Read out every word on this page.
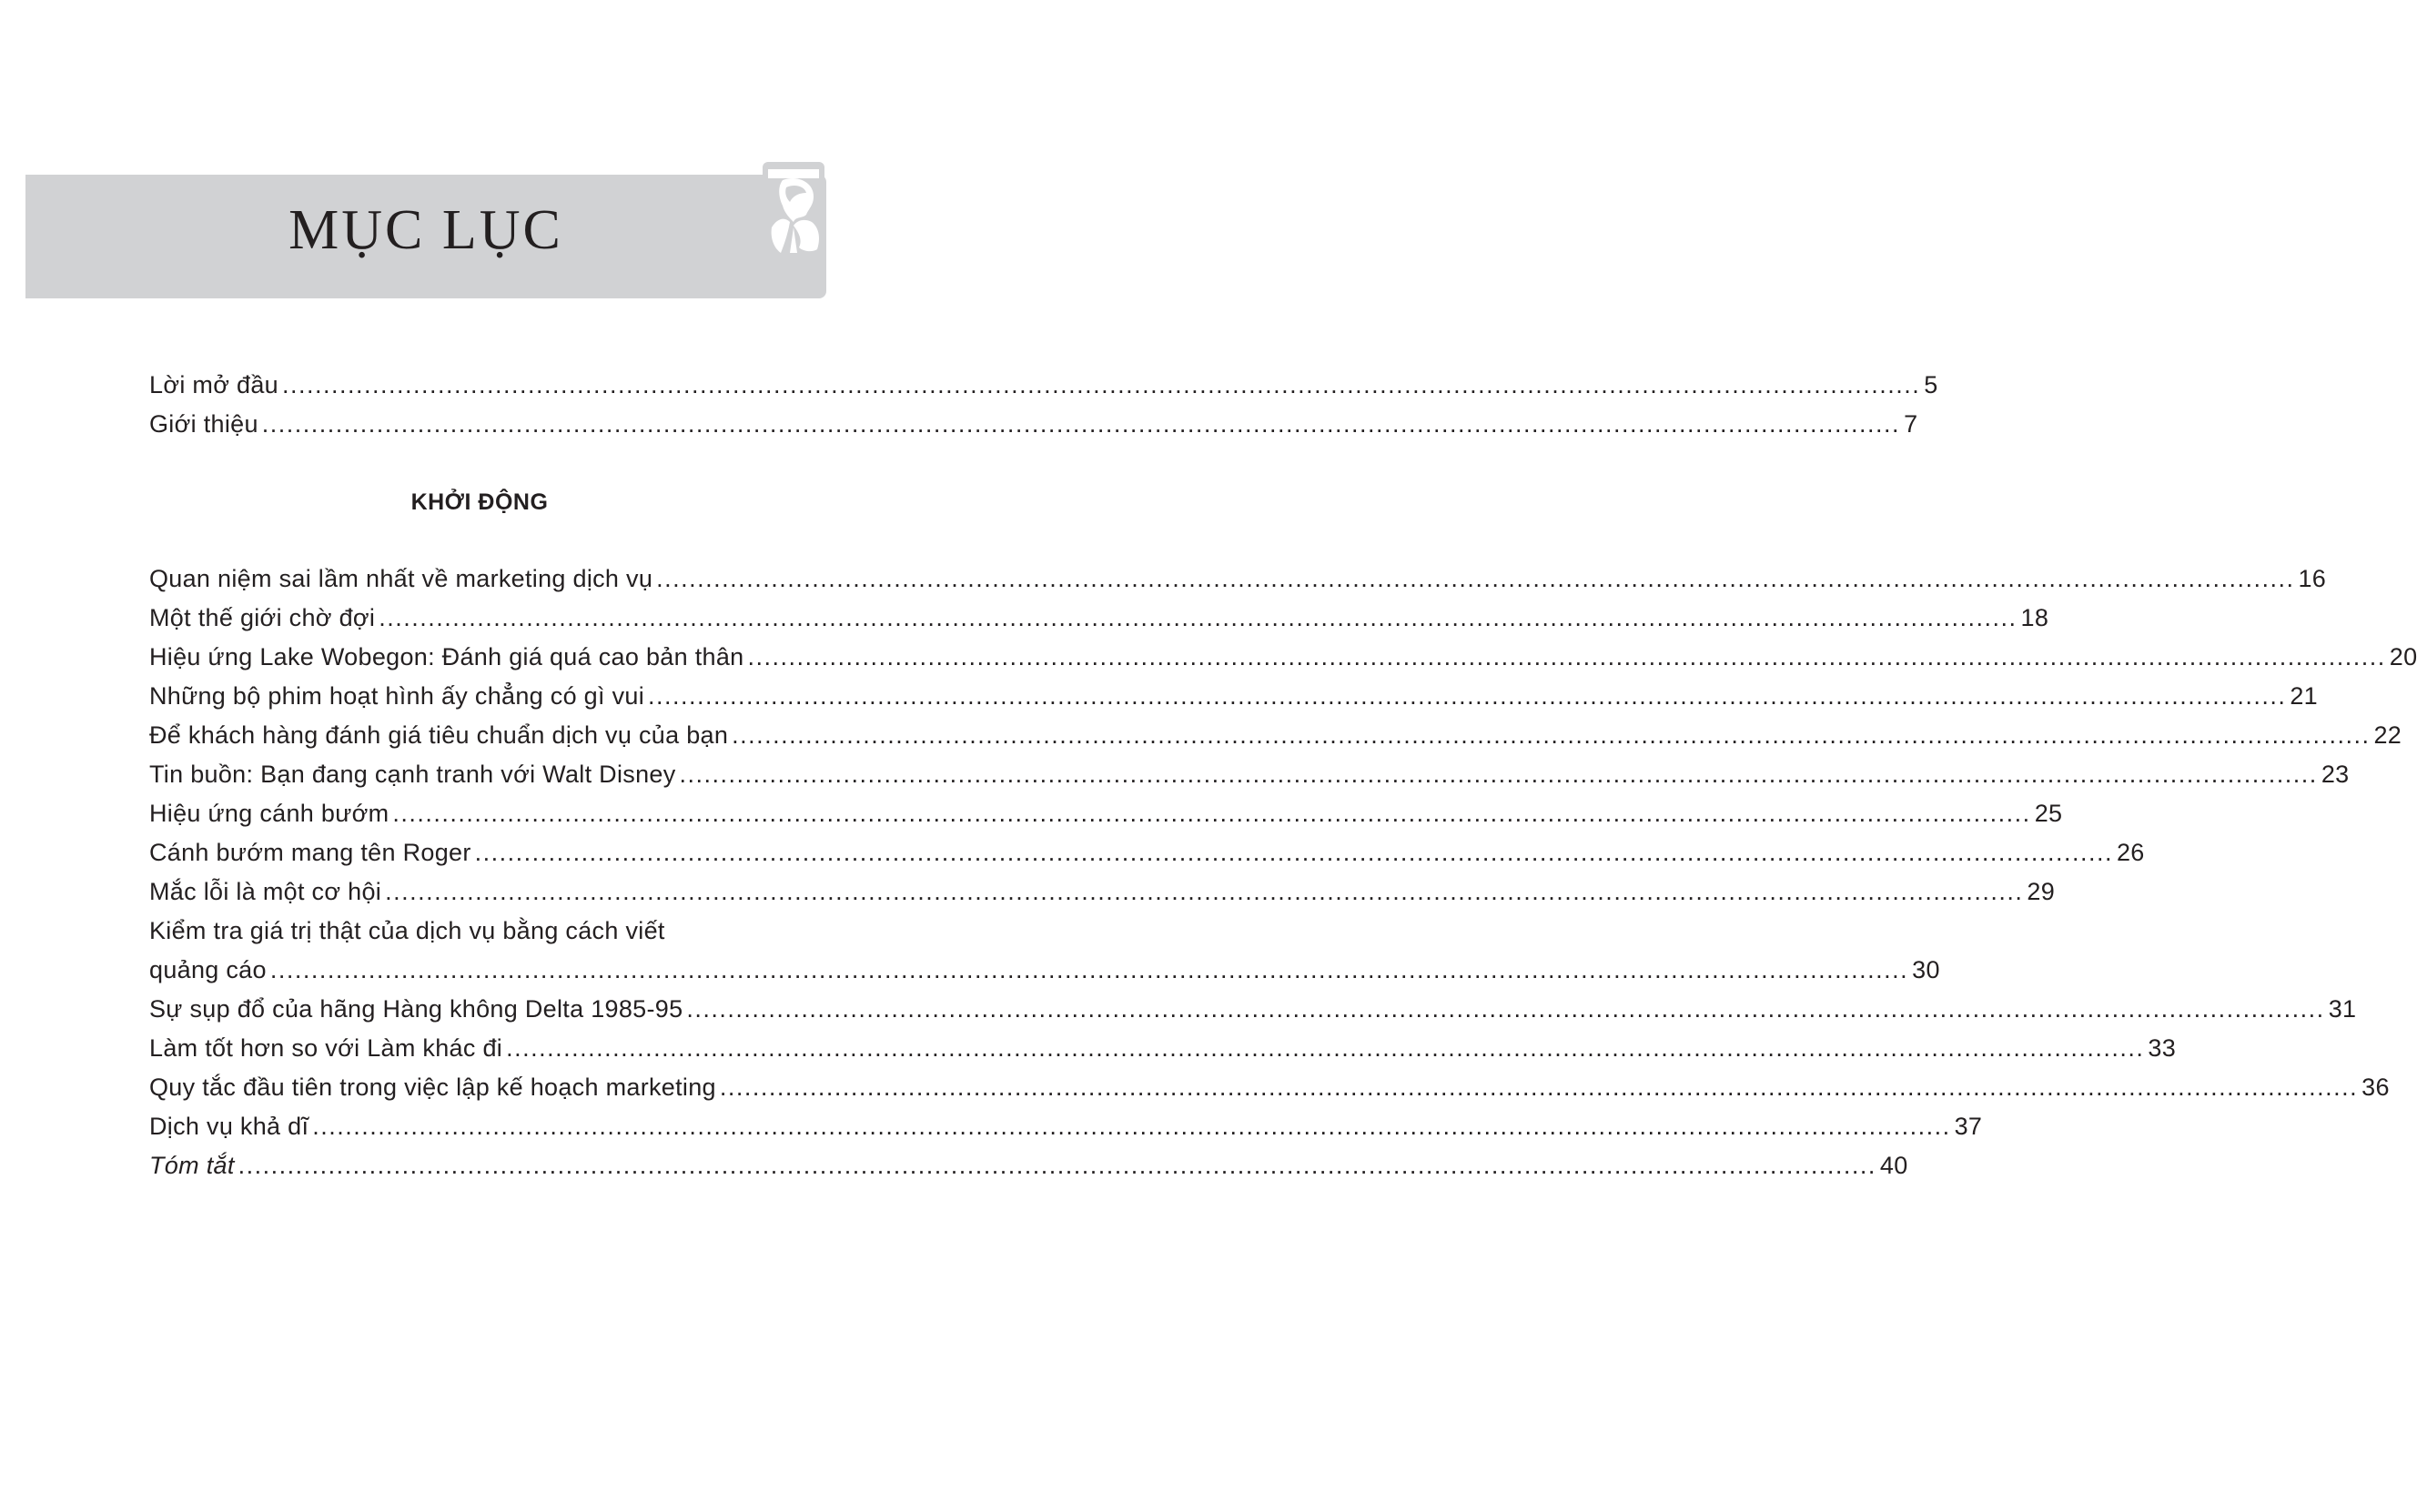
MỤC LỤC
Lời mở đầu ........................................................................................................................................................................................................ 5
Giới thiệu ........................................................................................................................................................................................................ 7
KHỞI ĐỘNG
Quan niệm sai lầm nhất về marketing dịch vụ ........................................................................................................................................................................................................ 16
Một thế giới chờ đợi ........................................................................................................................................................................................................ 18
Hiệu ứng Lake Wobegon: Đánh giá quá cao bản thân ........................................................................................................................................................................................................ 20
Những bộ phim hoạt hình ấy chẳng có gì vui ........................................................................................................................................................................................................ 21
Để khách hàng đánh giá tiêu chuẩn dịch vụ của bạn ........................................................................................................................................................................................................ 22
Tin buồn: Bạn đang cạnh tranh với Walt Disney ........................................................................................................................................................................................................ 23
Hiệu ứng cánh bướm ........................................................................................................................................................................................................ 25
Cánh bướm mang tên Roger ........................................................................................................................................................................................................ 26
Mắc lỗi là một cơ hội ........................................................................................................................................................................................................ 29
Kiểm tra giá trị thật của dịch vụ bằng cách viết
quảng cáo ........................................................................................................................................................................................................ 30
Sự sụp đổ của hãng Hàng không Delta 1985-95 ........................................................................................................................................................................................................ 31
Làm tốt hơn so với Làm khác đi ........................................................................................................................................................................................................ 33
Quy tắc đầu tiên trong việc lập kế hoạch marketing ........................................................................................................................................................................................................ 36
Dịch vụ khả dĩ ........................................................................................................................................................................................................ 37
Tóm tắt ........................................................................................................................................................................................................ 40
